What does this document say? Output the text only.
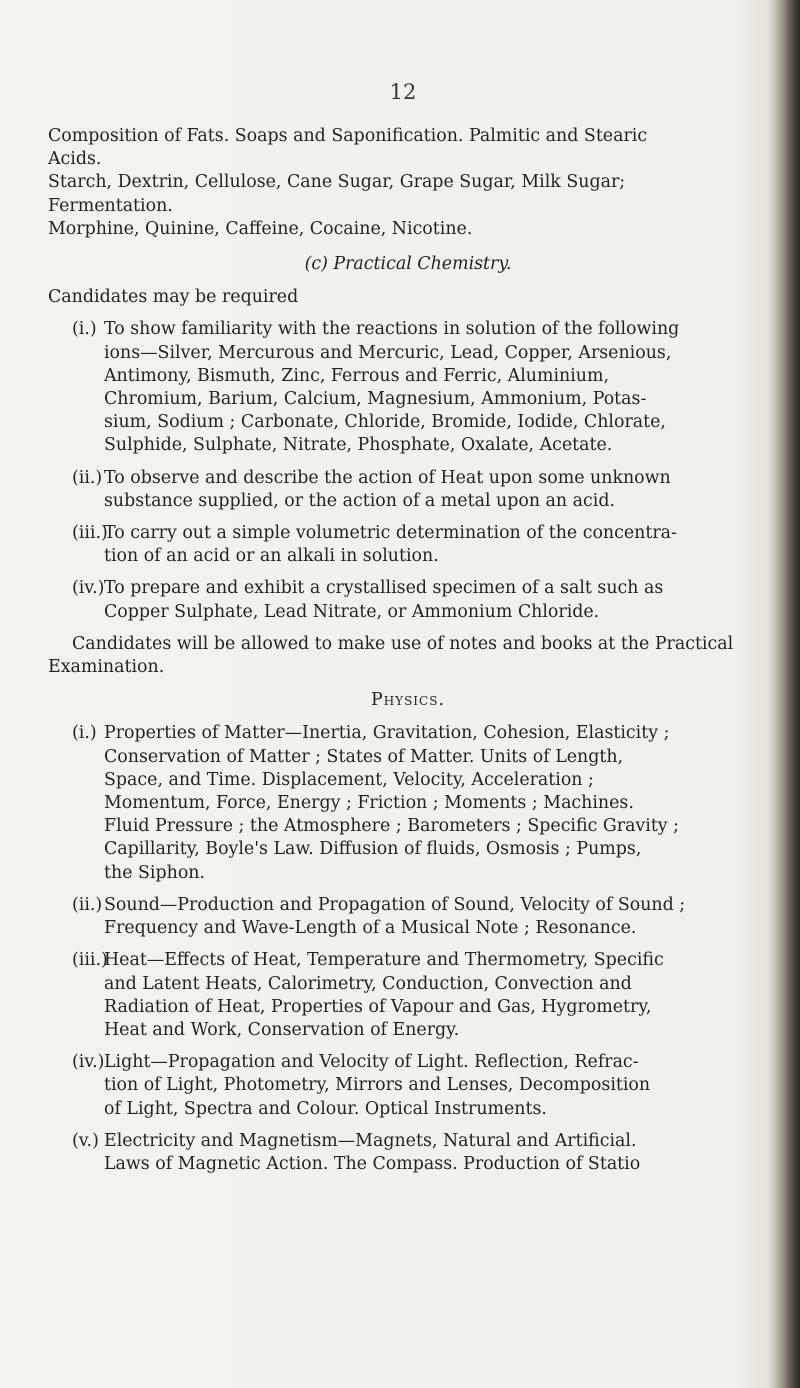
12

Composition of Fats. Soaps and Saponification. Palmitic and Stearic
Acids.

Starch, Dextrin, Cellulose, Cane Sugar, Grape Sugar, Milk Sugar;
Fermentation.

Morphine, Quinine, Caffeine, Cocaine, Nicotine.

(c) Practical Chemistry.

Candidates may be required

(i.) To show familiarity with the reactions in solution of the following
ions—Silver, Mercurous and Mercuric, Lead, Copper, Arsenious,
Antimony, Bismuth, Zinc, Ferrous and Ferric, Aluminium,
Chromium, Barium, Calcium, Magnesium, Ammonium, Potas-
sium, Sodium ; Carbonate, Chloride, Bromide, Iodide, Chlorate,
Sulphide, Sulphate, Nitrate, Phosphate, Oxalate, Acetate.
(ii.) To observe and describe the action of Heat upon some unknown
substance supplied, or the action of a metal upon an acid.
(iii.)
To carry out a simple volumetric determination of the concentra-
tion of an acid or an alkali in solution.
(iv.) To prepare and exhibit a crystallised specimen of a salt such as
Copper Sulphate, Lead Nitrate, or Ammonium Chloride.

Candidates will be allowed to make use of notes and books at the Practical

Examination.

Physics.

(i.) Properties of Matter—Inertia, Gravitation, Cohesion, Elasticity ;
Conservation of Matter ; States of Matter. Units of Length,
Space, and Time. Displacement, Velocity, Acceleration ;
Momentum, Force, Energy ; Friction ; Moments ; Machines.
Fluid Pressure ; the Atmosphere ; Barometers ; Specific Gravity ;
Capillarity, Boyle's Law. Diffusion of fluids, Osmosis ; Pumps,
the Siphon.
(ii.) Sound—Production and Propagation of Sound, Velocity of Sound ;
Frequency and Wave-Length of a Musical Note ; Resonance.
(iii.)
Heat—Effects of Heat, Temperature and Thermometry, Specific
and Latent Heats, Calorimetry, Conduction, Convection and
Radiation of Heat, Properties of Vapour and Gas, Hygrometry,
Heat and Work, Conservation of Energy.
(iv.) Light—Propagation and Velocity of Light. Reflection, Refrac-
tion of Light, Photometry, Mirrors and Lenses, Decomposition
of Light, Spectra and Colour. Optical Instruments.
(v.) Electricity and Magnetism—Magnets, Natural and Artificial.
Laws of Magnetic Action. The Compass. Production of Statio
